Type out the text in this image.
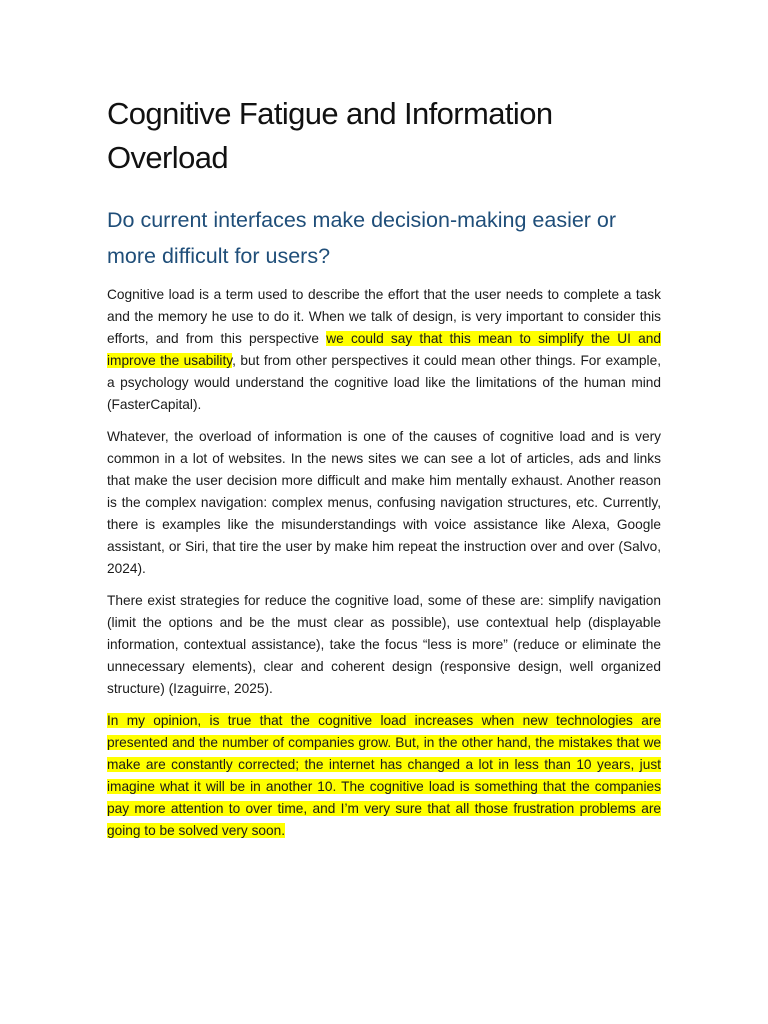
Cognitive Fatigue and Information Overload
Do current interfaces make decision-making easier or more difficult for users?

Cognitive load is a term used to describe the effort that the user needs to complete a task and the memory he use to do it. When we talk of design, is very important to consider this efforts, and from this perspective we could say that this mean to simplify the UI and improve the usability, but from other perspectives it could mean other things. For example, a psychology would understand the cognitive load like the limitations of the human mind (FasterCapital).

Whatever, the overload of information is one of the causes of cognitive load and is very common in a lot of websites. In the news sites we can see a lot of articles, ads and links that make the user decision more difficult and make him mentally exhaust. Another reason is the complex navigation: complex menus, confusing navigation structures, etc. Currently, there is examples like the misunderstandings with voice assistance like Alexa, Google assistant, or Siri, that tire the user by make him repeat the instruction over and over (Salvo, 2024).

There exist strategies for reduce the cognitive load, some of these are: simplify navigation (limit the options and be the must clear as possible), use contextual help (displayable information, contextual assistance), take the focus “less is more” (reduce or eliminate the unnecessary elements), clear and coherent design (responsive design, well organized structure) (Izaguirre, 2025).

In my opinion, is true that the cognitive load increases when new technologies are presented and the number of companies grow. But, in the other hand, the mistakes that we make are constantly corrected; the internet has changed a lot in less than 10 years, just imagine what it will be in another 10. The cognitive load is something that the companies pay more attention to over time, and I’m very sure that all those frustration problems are going to be solved very soon.
